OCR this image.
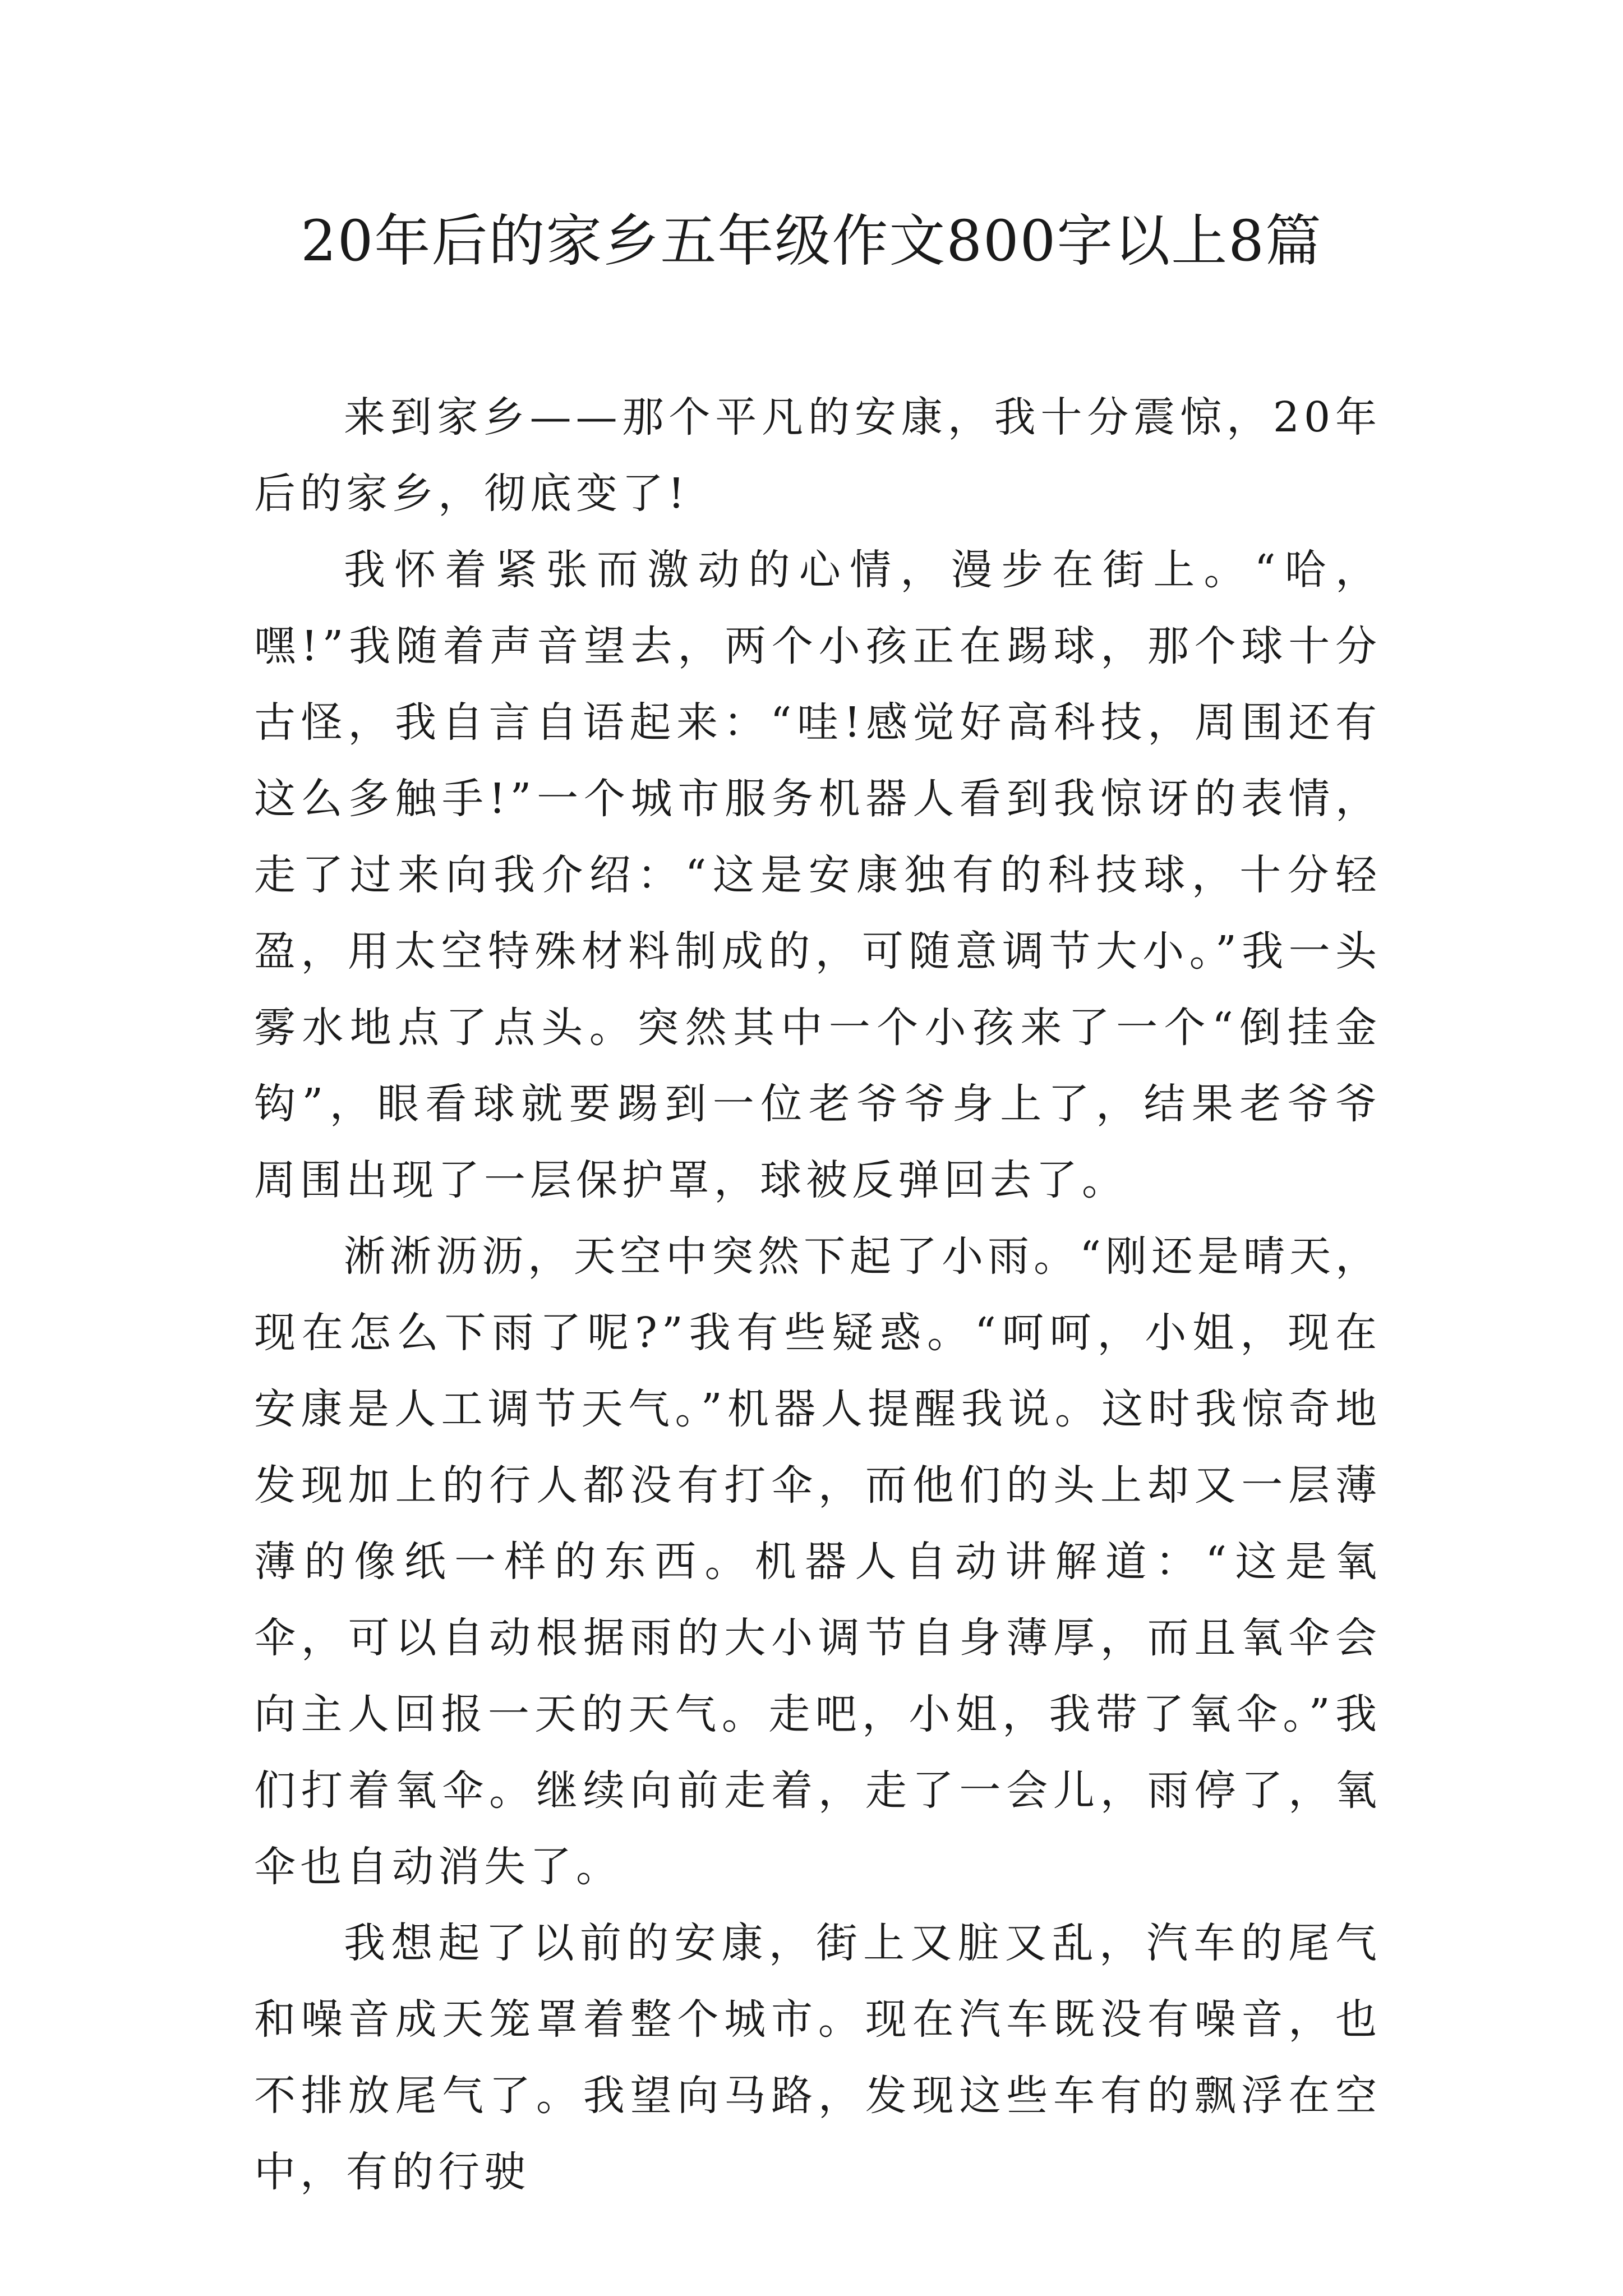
20年后的家乡五年级作文800字以上8篇

来到家乡——那个平凡的安康，我十分震惊，20年后的家乡，彻底变了!

我怀着紧张而激动的心情，漫步在街上。“哈，嘿!”我随着声音望去，两个小孩正在踢球，那个球十分古怪，我自言自语起来：“哇!感觉好高科技，周围还有这么多触手!”一个城市服务机器人看到我惊讶的表情，走了过来向我介绍：“这是安康独有的科技球，十分轻盈，用太空特殊材料制成的，可随意调节大小。”我一头雾水地点了点头。突然其中一个小孩来了一个“倒挂金钩”，眼看球就要踢到一位老爷爷身上了，结果老爷爷周围出现了一层保护罩，球被反弹回去了。

淅淅沥沥，天空中突然下起了小雨。“刚还是晴天，现在怎么下雨了呢?”我有些疑惑。“呵呵，小姐，现在安康是人工调节天气。”机器人提醒我说。这时我惊奇地发现加上的行人都没有打伞，而他们的头上却又一层薄薄的像纸一样的东西。机器人自动讲解道：“这是氧伞，可以自动根据雨的大小调节自身薄厚，而且氧伞会向主人回报一天的天气。走吧，小姐，我带了氧伞。”我们打着氧伞。继续向前走着，走了一会儿，雨停了，氧伞也自动消失了。

我想起了以前的安康，街上又脏又乱，汽车的尾气和噪音成天笼罩着整个城市。现在汽车既没有噪音，也不排放尾气了。我望向马路，发现这些车有的飘浮在空中，有的行驶
